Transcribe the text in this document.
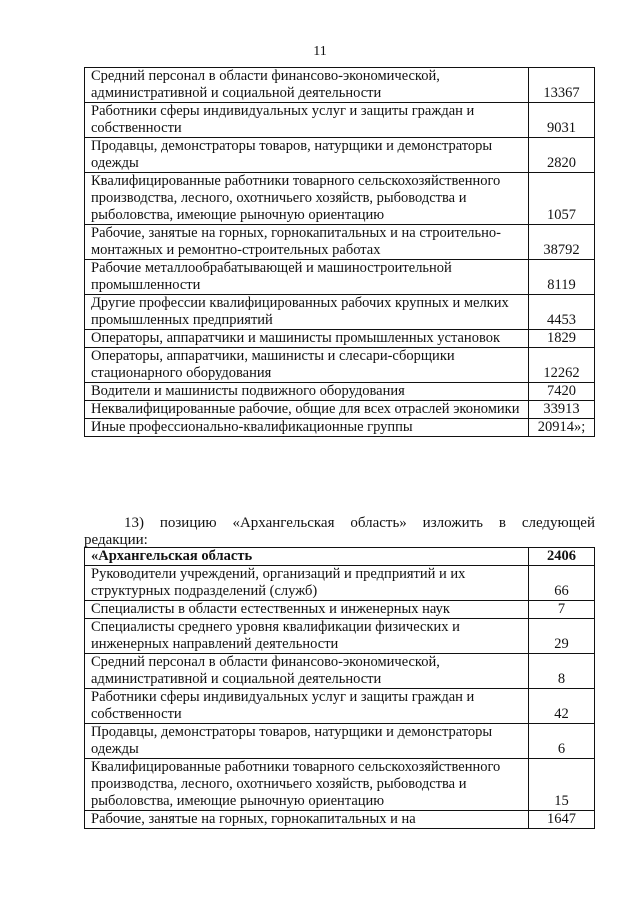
11
Средний персонал в области финансово-экономической, административной и социальной деятельности	13367
Работники сферы индивидуальных услуг и защиты граждан и собственности	9031
Продавцы, демонстраторы товаров, натурщики и демонстраторы одежды	2820
Квалифицированные работники товарного сельскохозяйственного производства, лесного, охотничьего хозяйств, рыбоводства и рыболовства, имеющие рыночную ориентацию	1057
Рабочие, занятые на горных, горнокапитальных и на строительно-монтажных и ремонтно-строительных работах	38792
Рабочие металлообрабатывающей и машиностроительной промышленности	8119
Другие профессии квалифицированных рабочих крупных и мелких промышленных предприятий	4453
Операторы, аппаратчики и машинисты промышленных установок	1829
Операторы, аппаратчики, машинисты и слесари-сборщики стационарного оборудования	12262
Водители и машинисты подвижного оборудования	7420
Неквалифицированные рабочие, общие для всех отраслей экономики	33913
Иные профессионально-квалификационные группы	20914»;
13) позицию «Архангельская область» изложить в следующей
редакции:
«Архангельская область	2406
Руководители учреждений, организаций и предприятий и их структурных подразделений (служб)	66
Специалисты в области естественных и инженерных наук	7
Специалисты среднего уровня квалификации физических и инженерных направлений деятельности	29
Средний персонал в области финансово-экономической, административной и социальной деятельности	8
Работники сферы индивидуальных услуг и защиты граждан и собственности	42
Продавцы, демонстраторы товаров, натурщики и демонстраторы одежды	6
Квалифицированные работники товарного сельскохозяйственного производства, лесного, охотничьего хозяйств, рыбоводства и рыболовства, имеющие рыночную ориентацию	15
Рабочие, занятые на горных, горнокапитальных и на	1647
